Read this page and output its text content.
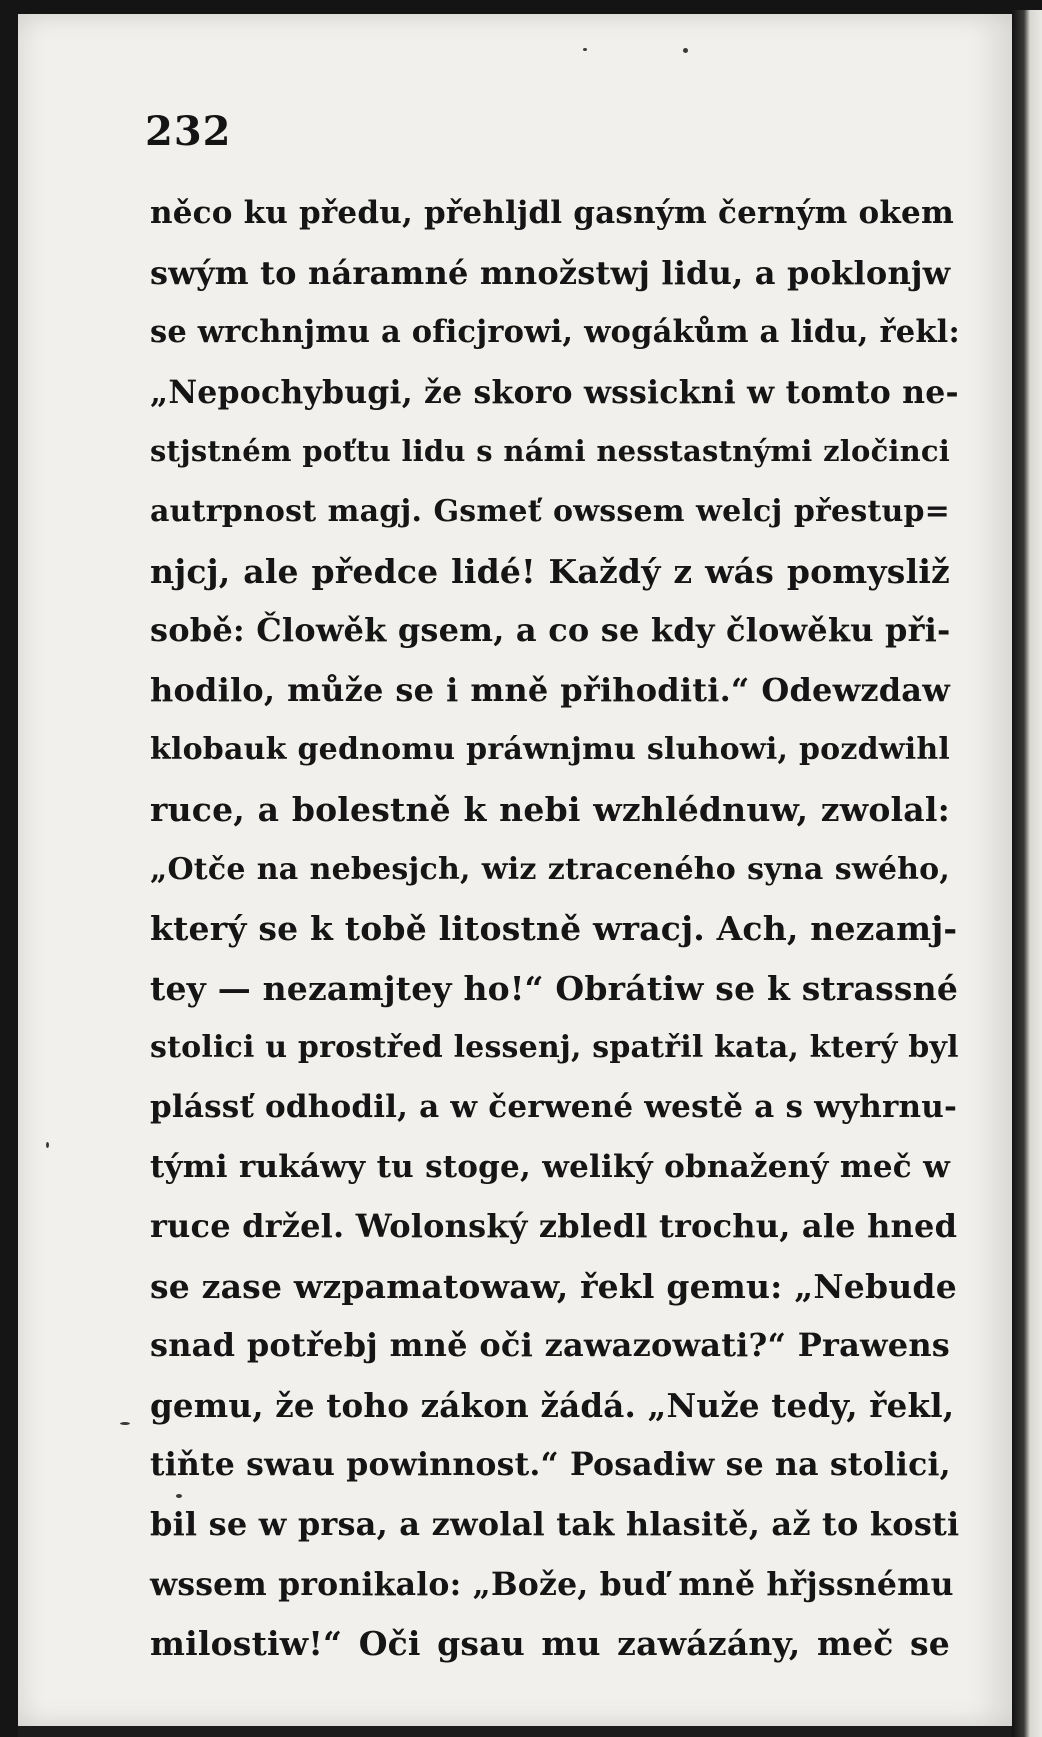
232
něco ku předu, přehljdl gasným černým okem
swým to náramné množstwj lidu, a poklonjw
se wrchnjmu a oficjrowi, wogákům a lidu, řekl:
„Nepochybugi, že skoro wssickni w tomto ne-
stjstném poťtu lidu s námi nesstastnými zločinci
autrpnost magj. Gsmeť owssem welcj přestup=
njcj, ale předce lidé! Každý z wás pomysliž
sobě: Člowěk gsem, a co se kdy člowěku při-
hodilo, může se i mně přihoditi.“ Odewzdaw
klobauk gednomu práwnjmu sluhowi, pozdwihl
ruce, a bolestně k nebi wzhlédnuw, zwolal:
„Otče na nebesjch, wiz ztraceného syna swého,
který se k tobě litostně wracj. Ach, nezamj-
tey — nezamjtey ho!“ Obrátiw se k strassné
stolici u prostřed lessenj, spatřil kata, který byl
plássť odhodil, a w čerwené westě a s wyhrnu-
tými rukáwy tu stoge, weliký obnažený meč w
ruce držel. Wolonský zbledl trochu, ale hned
se zase wzpamatowaw, řekl gemu: „Nebude
snad potřebj mně oči zawazowati?“ Prawens
gemu, že toho zákon žádá. „Nuže tedy, řekl,
tiňte swau powinnost.“ Posadiw se na stolici,
bil se w prsa, a zwolal tak hlasitě, až to kosti
wssem pronikalo: „Bože, buď mně hřjssnému
milostiw!“ Oči gsau mu zawázány, meč se
